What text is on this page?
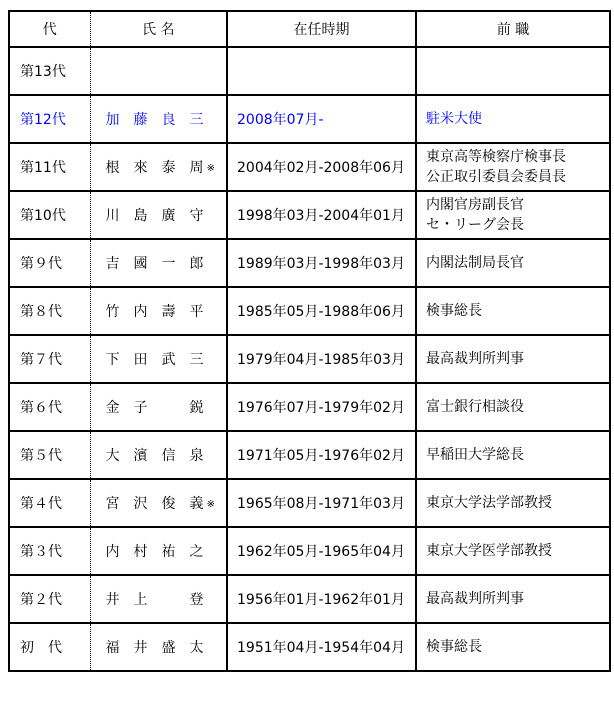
代	氏 名	在任時期	前 職
第13代			
第12代	加　藤　良　三	2008年07月-	駐米大使

第11代	根　來　泰　周 ※	2004年02月-2008年06月	東京高等検察庁検事長
公正取引委員会委員長

第10代	川　島　廣　守	1998年03月-2004年01月	内閣官房副長官
セ・リーグ会長

第９代	吉　國　一　郎	1989年03月-1998年03月	内閣法制局長官

第８代	竹　内　壽　平	1985年05月-1988年06月	検事総長

第７代	下　田　武　三	1979年04月-1985年03月	最高裁判所判事

第６代	金　子　　　鋭	1976年07月-1979年02月	富士銀行相談役

第５代	大　濱　信　泉	1971年05月-1976年02月	早稲田大学総長

第４代	宮　沢　俊　義 ※	1965年08月-1971年03月	東京大学法学部教授

第３代	内　村　祐　之	1962年05月-1965年04月	東京大学医学部教授

第２代	井　上　　　登	1956年01月-1962年01月	最高裁判所判事

初　代	福　井　盛　太	1951年04月-1954年04月	検事総長
